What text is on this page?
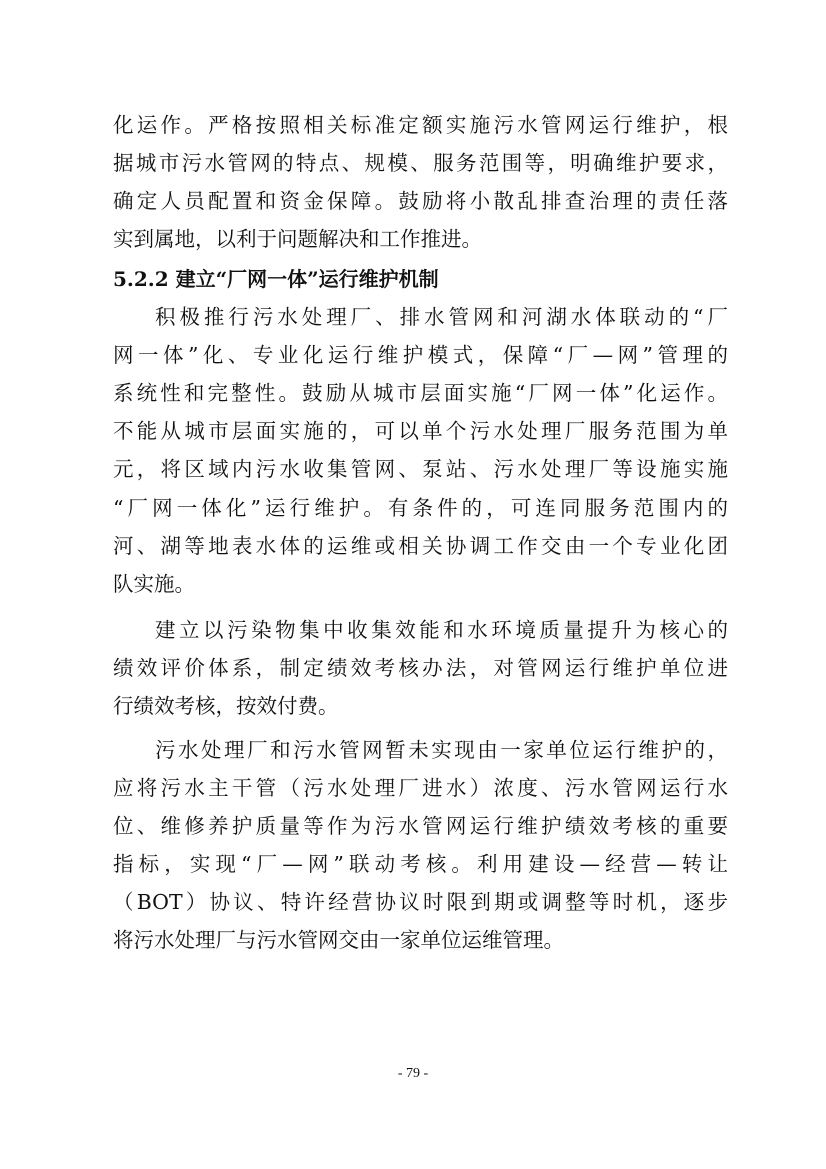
化运作。严格按照相关标准定额实施污水管网运行维护，根
据城市污水管网的特点、规模、服务范围等，明确维护要求，
确定人员配置和资金保障。鼓励将小散乱排查治理的责任落
实到属地，以利于问题解决和工作推进。
5.2.2 建立“厂网一体”运行维护机制
积极推行污水处理厂、排水管网和河湖水体联动的“厂
网一体”化、专业化运行维护模式，保障“厂—网”管理的
系统性和完整性。鼓励从城市层面实施“厂网一体”化运作。
不能从城市层面实施的，可以单个污水处理厂服务范围为单
元，将区域内污水收集管网、泵站、污水处理厂等设施实施
“厂网一体化”运行维护。有条件的，可连同服务范围内的
河、湖等地表水体的运维或相关协调工作交由一个专业化团
队实施。
建立以污染物集中收集效能和水环境质量提升为核心的
绩效评价体系，制定绩效考核办法，对管网运行维护单位进
行绩效考核，按效付费。
污水处理厂和污水管网暂未实现由一家单位运行维护的，
应将污水主干管（污水处理厂进水）浓度、污水管网运行水
位、维修养护质量等作为污水管网运行维护绩效考核的重要
指标，实现“厂—网”联动考核。利用建设—经营—转让
（BOT）协议、特许经营协议时限到期或调整等时机，逐步
将污水处理厂与污水管网交由一家单位运维管理。
- 79 -
